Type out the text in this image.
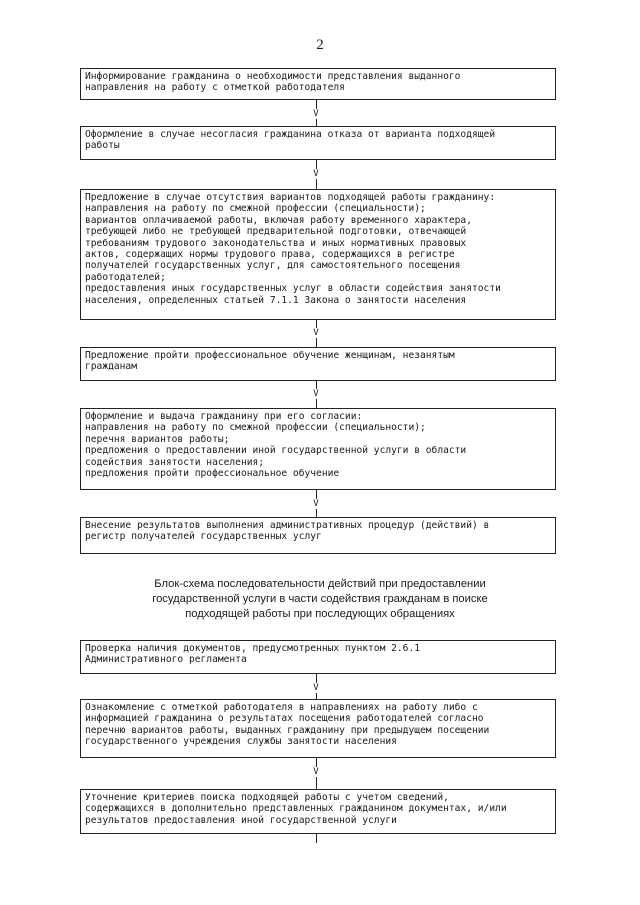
2
Информирование гражданина о необходимости представления выданного
направления на работу с отметкой работодателя
V
Оформление в случае несогласия гражданина отказа от варианта подходящей
работы
V
Предложение в случае отсутствия вариантов подходящей работы гражданину:
направления на работу по смежной профессии (специальности);
вариантов оплачиваемой работы, включая работу временного характера,
требующей либо не требующей предварительной подготовки, отвечающей
требованиям трудового законодательства и иных нормативных правовых
актов, содержащих нормы трудового права, содержащихся в регистре
получателей государственных услуг, для самостоятельного посещения
работодателей;
предоставления иных государственных услуг в области содействия занятости
населения, определенных статьей 7.1.1 Закона о занятости населения
V
Предложение пройти профессиональное обучение женщинам, незанятым
гражданам
V
Оформление и выдача гражданину при его согласии:
направления на работу по смежной профессии (специальности);
перечня вариантов работы;
предложения о предоставлении иной государственной услуги в области
содействия занятости населения;
предложения пройти профессиональное обучение
V
Внесение результатов выполнения административных процедур (действий) в
регистр получателей государственных услуг
Блок-схема последовательности действий при предоставлении
государственной услуги в части содействия гражданам в поиске
подходящей работы при последующих обращениях
Проверка наличия документов, предусмотренных пунктом 2.6.1
Административного регламента
V
Ознакомление с отметкой работодателя в направлениях на работу либо с
информацией гражданина о результатах посещения работодателей согласно
перечню вариантов работы, выданных гражданину при предыдущем посещении
государственного учреждения службы занятости населения
V
Уточнение критериев поиска подходящей работы с учетом сведений,
содержащихся в дополнительно представленных гражданином документах, и/или
результатов предоставления иной государственной услуги
